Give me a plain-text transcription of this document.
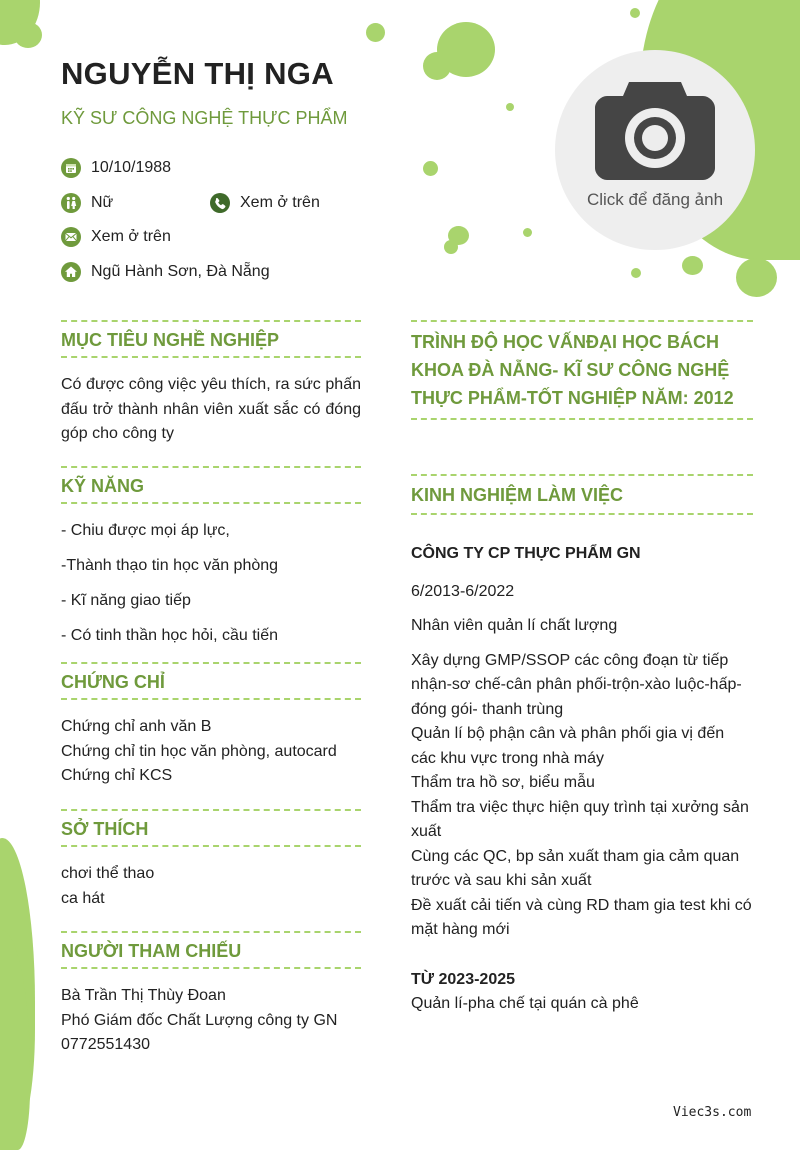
NGUYỄN THỊ NGA
KỸ SƯ CÔNG NGHỆ THỰC PHẨM
10/10/1988
Nữ	Xem ở trên
Xem ở trên
Ngũ Hành Sơn, Đà Nẵng
Click để đăng ảnh
MỤC TIÊU NGHỀ NGHIỆP
Có được công việc yêu thích, ra sức phấn đấu trở thành nhân viên xuất sắc có đóng góp cho công ty
KỸ NĂNG
- Chiu được mọi áp lực,
-Thành thạo tin học văn phòng
- Kĩ năng giao tiếp
- Có tinh thần học hỏi, cầu tiến
CHỨNG CHỈ
Chứng chỉ anh văn B
Chứng chỉ tin học văn phòng, autocard
Chứng chỉ KCS
SỞ THÍCH
chơi thể thao
ca hát
NGƯỜI THAM CHIẾU
Bà Trần Thị Thùy Đoan
Phó Giám đốc Chất Lượng công ty GN
0772551430
TRÌNH ĐỘ HỌC VẤNĐẠI HỌC BÁCH KHOA ĐÀ NẴNG- KĨ SƯ CÔNG NGHỆ THỰC PHẨM-TỐT NGHIỆP NĂM: 2012
KINH NGHIỆM LÀM VIỆC
CÔNG TY CP THỰC PHẨM GN
6/2013-6/2022
Nhân viên quản lí chất lượng
Xây dựng GMP/SSOP các công đoạn từ tiếp nhận-sơ chế-cân phân phối-trộn-xào luộc-hấp-đóng gói- thanh trùng
Quản lí bộ phận cân và phân phối gia vị đến các khu vực trong nhà máy
Thẩm tra hồ sơ, biểu mẫu
Thẩm tra việc thực hiện quy trình tại xưởng sản xuất
Cùng các QC, bp sản xuất tham gia cảm quan trước và sau khi sản xuất
Đề xuất cải tiến và cùng RD tham gia test khi có mặt hàng mới
TỪ 2023-2025
Quản lí-pha chế tại quán cà phê
Viec3s.com
